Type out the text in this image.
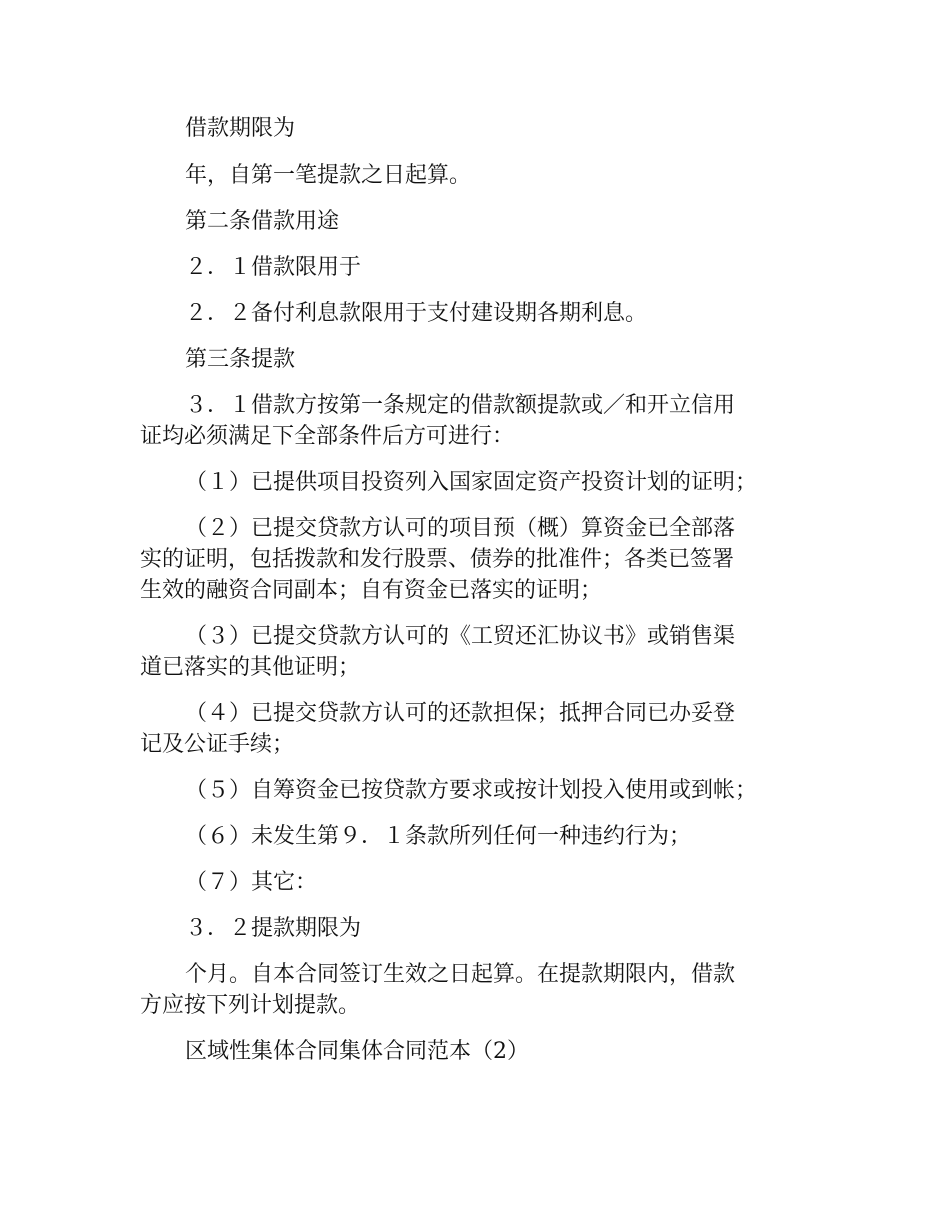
借款期限为

年，自第一笔提款之日起算。

第二条借款用途

２．１借款限用于

２．２备付利息款限用于支付建设期各期利息。

第三条提款

３．１借款方按第一条规定的借款额提款或／和开立信用

证均必须满足下全部条件后方可进行：

（１）已提供项目投资列入国家固定资产投资计划的证明；

（２）已提交贷款方认可的项目预（概）算资金已全部落

实的证明，包括拨款和发行股票、债券的批准件；各类已签署

生效的融资合同副本；自有资金已落实的证明；

（３）已提交贷款方认可的《工贸还汇协议书》或销售渠

道已落实的其他证明；

（４）已提交贷款方认可的还款担保；抵押合同已办妥登

记及公证手续；

（５）自筹资金已按贷款方要求或按计划投入使用或到帐；

（６）未发生第９．１条款所列任何一种违约行为；

（７）其它：

３．２提款期限为

个月。自本合同签订生效之日起算。在提款期限内，借款

方应按下列计划提款。

区域性集体合同集体合同范本（2）
